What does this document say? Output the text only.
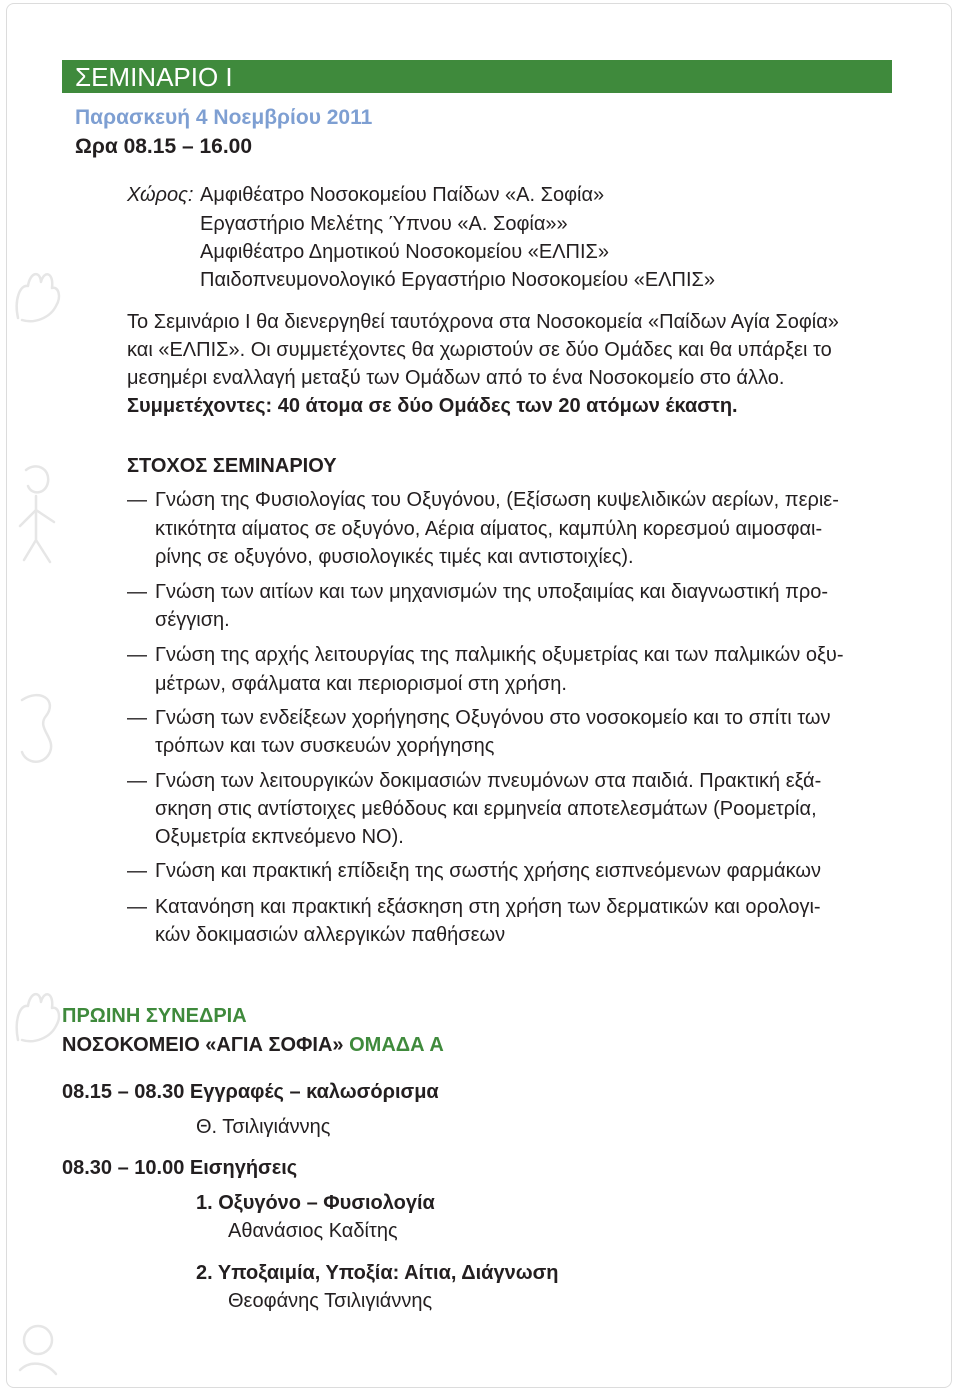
ΣΕΜΙΝΑΡΙΟ Ι
Παρασκευή 4 Νοεμβρίου 2011
Ωρα 08.15 – 16.00
Χώρος: Αμφιθέατρο Νοσοκομείου Παίδων «Α. Σοφία»
Εργαστήριο Μελέτης Ύπνου «Α. Σοφία»»
Αμφιθέατρο Δημοτικού Νοσοκομείου «ΕΛΠΙΣ»
Παιδοπνευμονολογικό Εργαστήριο Νοσοκομείου «ΕΛΠΙΣ»
Το Σεμινάριο Ι θα διενεργηθεί ταυτόχρονα στα Νοσοκομεία «Παίδων Αγία Σοφία»
και «ΕΛΠΙΣ». Οι συμμετέχοντες θα χωριστούν σε δύο Ομάδες και θα υπάρξει το
μεσημέρι εναλλαγή μεταξύ των Ομάδων από το ένα Νοσοκομείο στο άλλο.
Συμμετέχοντες: 40 άτομα σε δύο Ομάδες των 20 ατόμων έκαστη.
ΣΤΟΧΟΣ ΣΕΜΙΝΑΡΙΟΥ
— Γνώση της Φυσιολογίας του Οξυγόνου, (Εξίσωση κυψελιδικών αερίων, περιε-
κτικότητα αίματος σε οξυγόνο, Αέρια αίματος, καμπύλη κορεσμού αιμοσφαι-
ρίνης σε οξυγόνο, φυσιολογικές τιμές και αντιστοιχίες).
— Γνώση των αιτίων και των μηχανισμών της υποξαιμίας και διαγνωστική προ-
σέγγιση.
— Γνώση της αρχής λειτουργίας της παλμικής οξυμετρίας και των παλμικών οξυ-
μέτρων, σφάλματα και περιορισμοί στη χρήση.
— Γνώση των ενδείξεων χορήγησης Οξυγόνου στο νοσοκομείο και το σπίτι των
τρόπων και των συσκευών χορήγησης
— Γνώση των λειτουργικών δοκιμασιών πνευμόνων στα παιδιά. Πρακτική εξά-
σκηση στις αντίστοιχες μεθόδους και ερμηνεία αποτελεσμάτων (Ροομετρία,
Οξυμετρία εκπνεόμενο ΝΟ).
— Γνώση και πρακτική επίδειξη της σωστής χρήσης εισπνεόμενων φαρμάκων
— Κατανόηση και πρακτική εξάσκηση στη χρήση των δερματικών και ορολογι-
κών δοκιμασιών αλλεργικών παθήσεων
ΠΡΩΙΝΗ ΣΥΝΕΔΡΙΑ
ΝΟΣΟΚΟΜΕΙΟ «ΑΓΙΑ ΣΟΦΙΑ» ΟΜΑΔΑ Α
08.15 – 08.30 Εγγραφές – καλωσόρισμα
Θ. Τσιλιγιάννης
08.30 – 10.00 Εισηγήσεις
1. Οξυγόνο – Φυσιολογία
Αθανάσιος Καδίτης
2. Υποξαιμία, Υποξία: Αίτια, Διάγνωση
Θεοφάνης Τσιλιγιάννης
